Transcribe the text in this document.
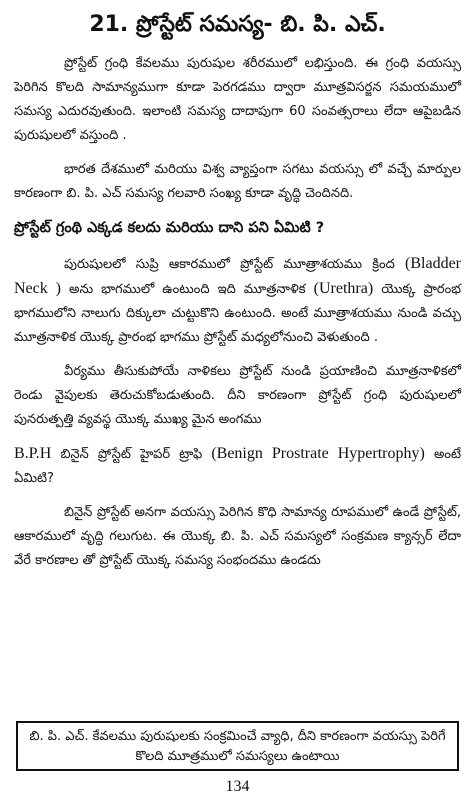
21. ప్రోస్టేట్ సమస్య- బి. పి. ఎచ్.

ప్రోస్టేట్ గ్రంధి కేవలము పురుషుల శరీరములో లభిస్తుంది. ఈ గ్రంధి వయస్సు పెరిగిన కొలది సామాన్యముగా కూడా పెరగడము ద్వారా మూత్రవిసర్జన సమయములో సమస్య ఎదురవుతుంది. ఇలాంటి సమస్య దాదాపుగా 60 సంవత్సరాలు లేదా ఆపైబడిన పురుషులలో వస్తుంది .

భారత దేశములో మరియు విశ్వ వ్యాప్తంగా సగటు వయస్సు లో వచ్చే మార్పుల కారణంగా బి. పి. ఎచ్ సమస్య గలవారి సంఖ్య కూడా వృద్ధి చెందినది.

ప్రోస్టేట్ గ్రంథి ఎక్కడ కలదు మరియు దాని పని ఏమిటి ?

పురుషులలో సుప్రి ఆకారములో ప్రోస్టేట్ మూత్రాశయము క్రింద (Bladder Neck ) అను భాగములో ఉంటుంది ఇది మూత్రనాళిక (Urethra) యొక్క ప్రారంభ భాగములోని నాలుగు దిక్కులా చుట్టుకొని ఉంటుంది. అంటే మూత్రాశయము నుండి వచ్చు మూత్రనాళిక యొక్క ప్రారంభ భాగము ప్రోస్టేట్ మధ్యలోనుంచి వెళుతుంది .

వీర్యము తీసుకుపోయే నాళికలు ప్రోస్టేట్ నుండి ప్రయాణించి మూత్రనాళికలో రెండు వైపులకు తెరుచుకోబడుతుంది. దీని కారణంగా ప్రోస్టేట్ గ్రంధి పురుషులలో పునరుత్పత్తి వ్యవస్థ యొక్క ముఖ్య మైన అంగము

B.P.H బినైన్ ప్రోస్టేట్ హైపర్ ట్రాఫి (Benign Prostrate Hypertrophy) అంటే ఏమిటి?

బినైన్ ప్రోస్టేట్ అనగా వయస్సు పెరిగిన కొధి సామాన్య రూపములో ఉండే ప్రోస్టేట్, ఆకారములో వృద్ధి గలుగుట. ఈ యొక్క బి. పి. ఎచ్ సమస్యలో సంక్రమణ క్యాన్సర్ లేదా వేరే కారణాల తో ప్రోస్టేట్ యొక్క సమస్య సంభందము ఉండదు

బి. పి. ఎచ్. కేవలము పురుషులకు సంక్రమించే వ్యాధి, దీని కారణంగా వయస్సు పెరిగే కొలది మూత్రములో సమస్యలు ఉంటాయి
134
